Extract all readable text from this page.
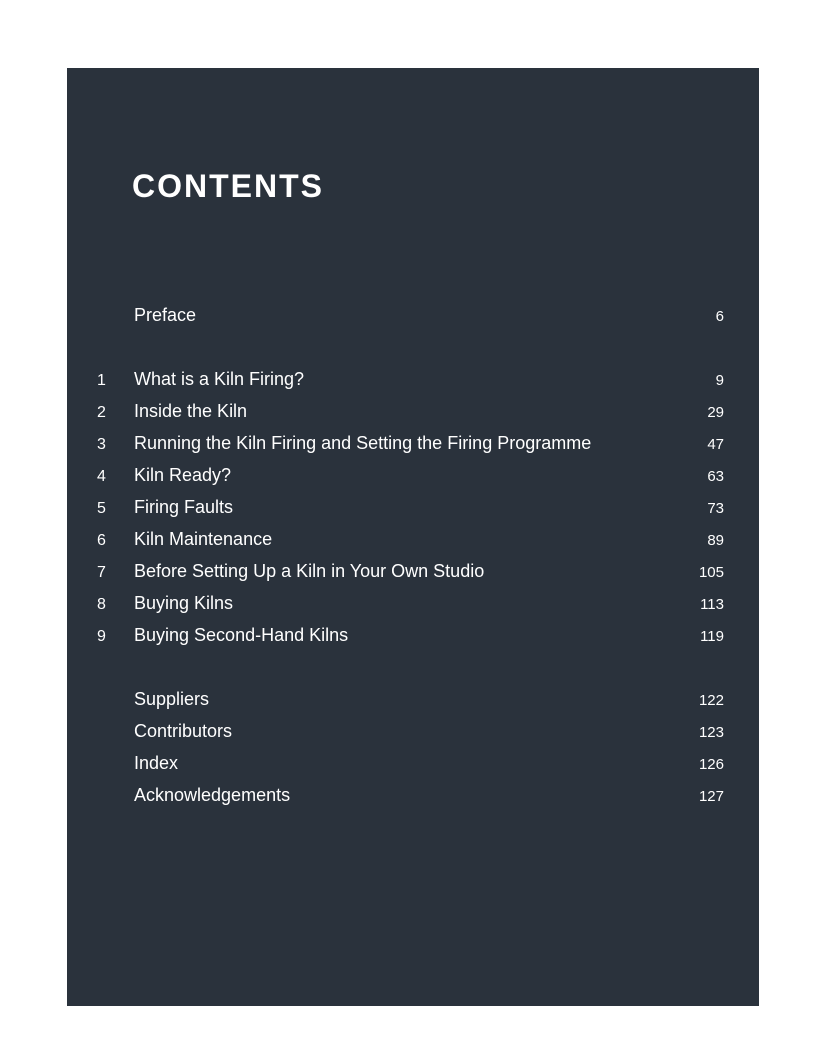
CONTENTS
Preface	6
1 What is a Kiln Firing?	9
2 Inside the Kiln	29
3 Running the Kiln Firing and Setting the Firing Programme	47
4 Kiln Ready?	63
5 Firing Faults	73
6 Kiln Maintenance	89
7 Before Setting Up a Kiln in Your Own Studio	105
8 Buying Kilns	113
9 Buying Second-Hand Kilns	119
Suppliers	122
Contributors	123
Index	126
Acknowledgements	127
